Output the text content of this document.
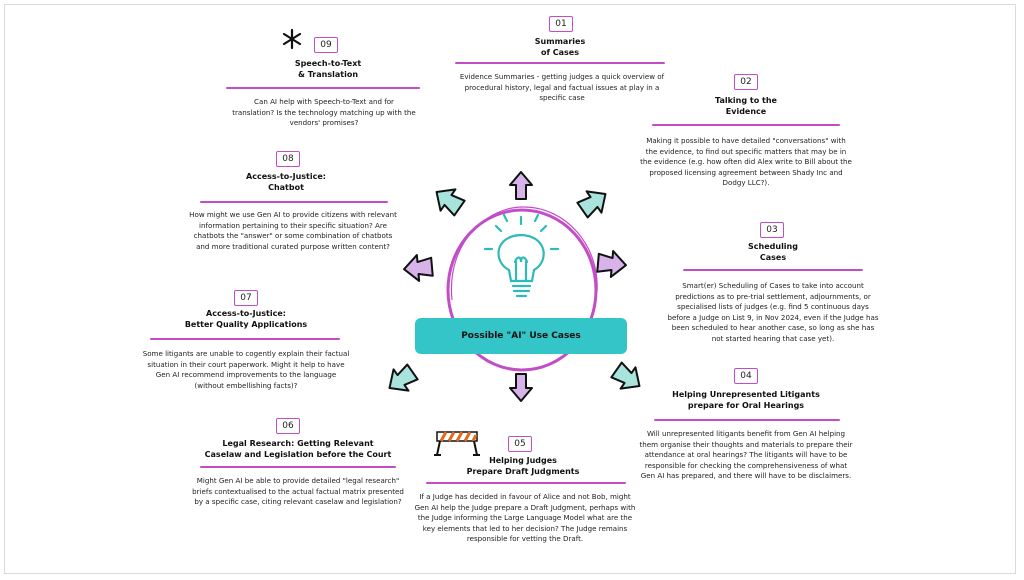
Possible "AI" Use Cases
01
Summaries
of Cases
Evidence Summaries - getting judges a quick overview of procedural history, legal and factual issues at play in a specific case
02
Talking to the
Evidence
Making it possible to have detailed "conversations" with the evidence, to find out specific matters that may be in the evidence (e.g. how often did Alex write to Bill about the proposed licensing agreement between Shady Inc and Dodgy LLC?).
03
Scheduling
Cases
Smart(er) Scheduling of Cases to take into account predictions as to pre-trial settlement, adjournments, or specialised lists of judges (e.g. find 5 continuous days before a Judge on List 9, in Nov 2024, even if the Judge has been scheduled to hear another case, so long as she has not started hearing that case yet).
04
Helping Unrepresented Litigants
prepare for Oral Hearings
Will unrepresented litigants benefit from Gen AI helping them organise their thoughts and materials to prepare their attendance at oral hearings? The litigants will have to be responsible for checking the comprehensiveness of what Gen AI has prepared, and there will have to be disclaimers.
05
Helping Judges
Prepare Draft Judgments
If a Judge has decided in favour of Alice and not Bob, might Gen AI help the Judge prepare a Draft Judgment, perhaps with the Judge informing the Large Language Model what are the key elements that led to her decision? The Judge remains responsible for vetting the Draft.
06
Legal Research: Getting Relevant
Caselaw and Legislation before the Court
Might Gen AI be able to provide detailed "legal research" briefs contextualised to the actual factual matrix presented by a specific case, citing relevant caselaw and legislation?
07
Access-to-Justice:
Better Quality Applications
Some litigants are unable to cogently explain their factual situation in their court paperwork. Might it help to have Gen AI recommend improvements to the language (without embellishing facts)?
08
Access-to-Justice:
Chatbot
How might we use Gen AI to provide citizens with relevant information pertaining to their specific situation? Are chatbots the "answer" or some combination of chatbots and more traditional curated purpose written content?
09
Speech-to-Text
& Translation
Can AI help with Speech-to-Text and for translation? Is the technology matching up with the vendors' promises?
